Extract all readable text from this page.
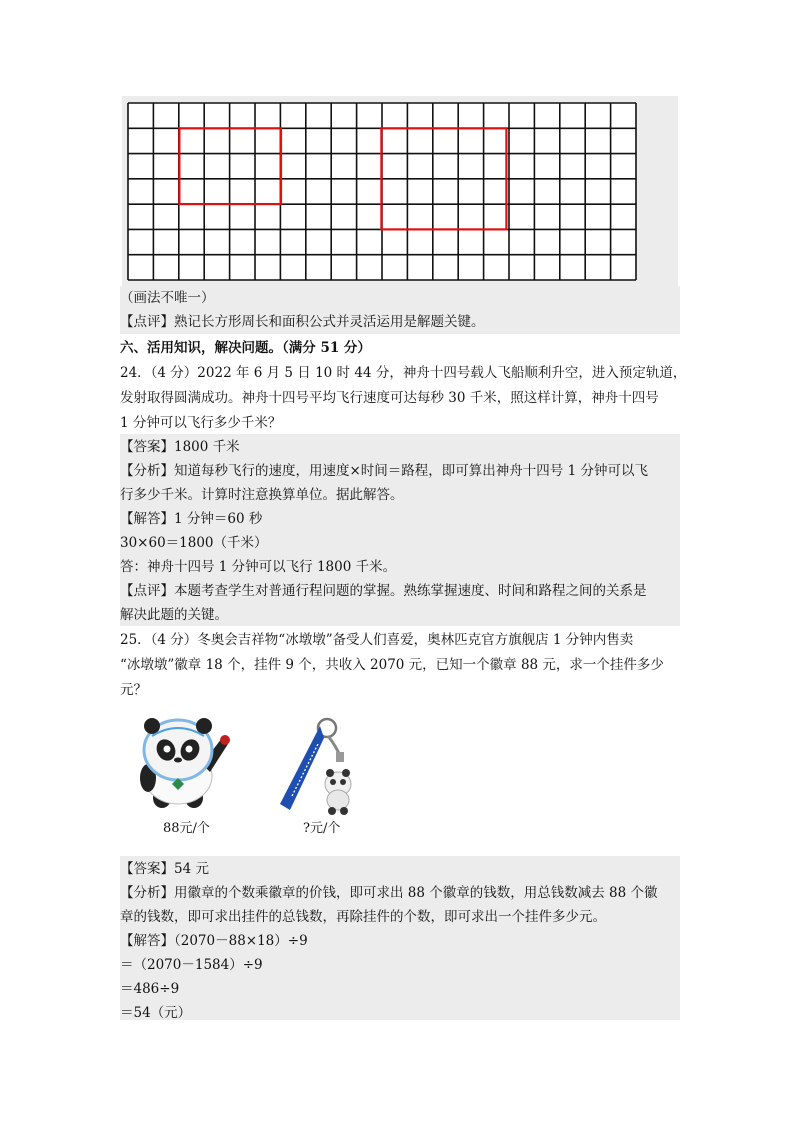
（画法不唯一）
【点评】熟记长方形周长和面积公式并灵活运用是解题关键。
六、活用知识，解决问题。（满分 51 分）
24．（4 分）2022 年 6 月 5 日 10 时 44 分，神舟十四号载人飞船顺利升空，进入预定轨道，
发射取得圆满成功。神舟十四号平均飞行速度可达每秒 30 千米，照这样计算，神舟十四号
1 分钟可以飞行多少千米？
【答案】1800 千米
【分析】知道每秒飞行的速度，用速度×时间＝路程，即可算出神舟十四号 1 分钟可以飞
行多少千米。计算时注意换算单位。据此解答。
【解答】1 分钟＝60 秒
30×60＝1800（千米）
答：神舟十四号 1 分钟可以飞行 1800 千米。
【点评】本题考查学生对普通行程问题的掌握。熟练掌握速度、时间和路程之间的关系是
解决此题的关键。
25．（4 分）冬奥会吉祥物“冰墩墩”备受人们喜爱，奥林匹克官方旗舰店 1 分钟内售卖
“冰墩墩”徽章 18 个，挂件 9 个，共收入 2070 元，已知一个徽章 88 元，求一个挂件多少
元？
88元/个	?元/个
【答案】54 元
【分析】用徽章的个数乘徽章的价钱，即可求出 88 个徽章的钱数，用总钱数减去 88 个徽
章的钱数，即可求出挂件的总钱数，再除挂件的个数，即可求出一个挂件多少元。
【解答】（2070－88×18）÷9
＝（2070－1584）÷9
＝486÷9
＝54（元）
